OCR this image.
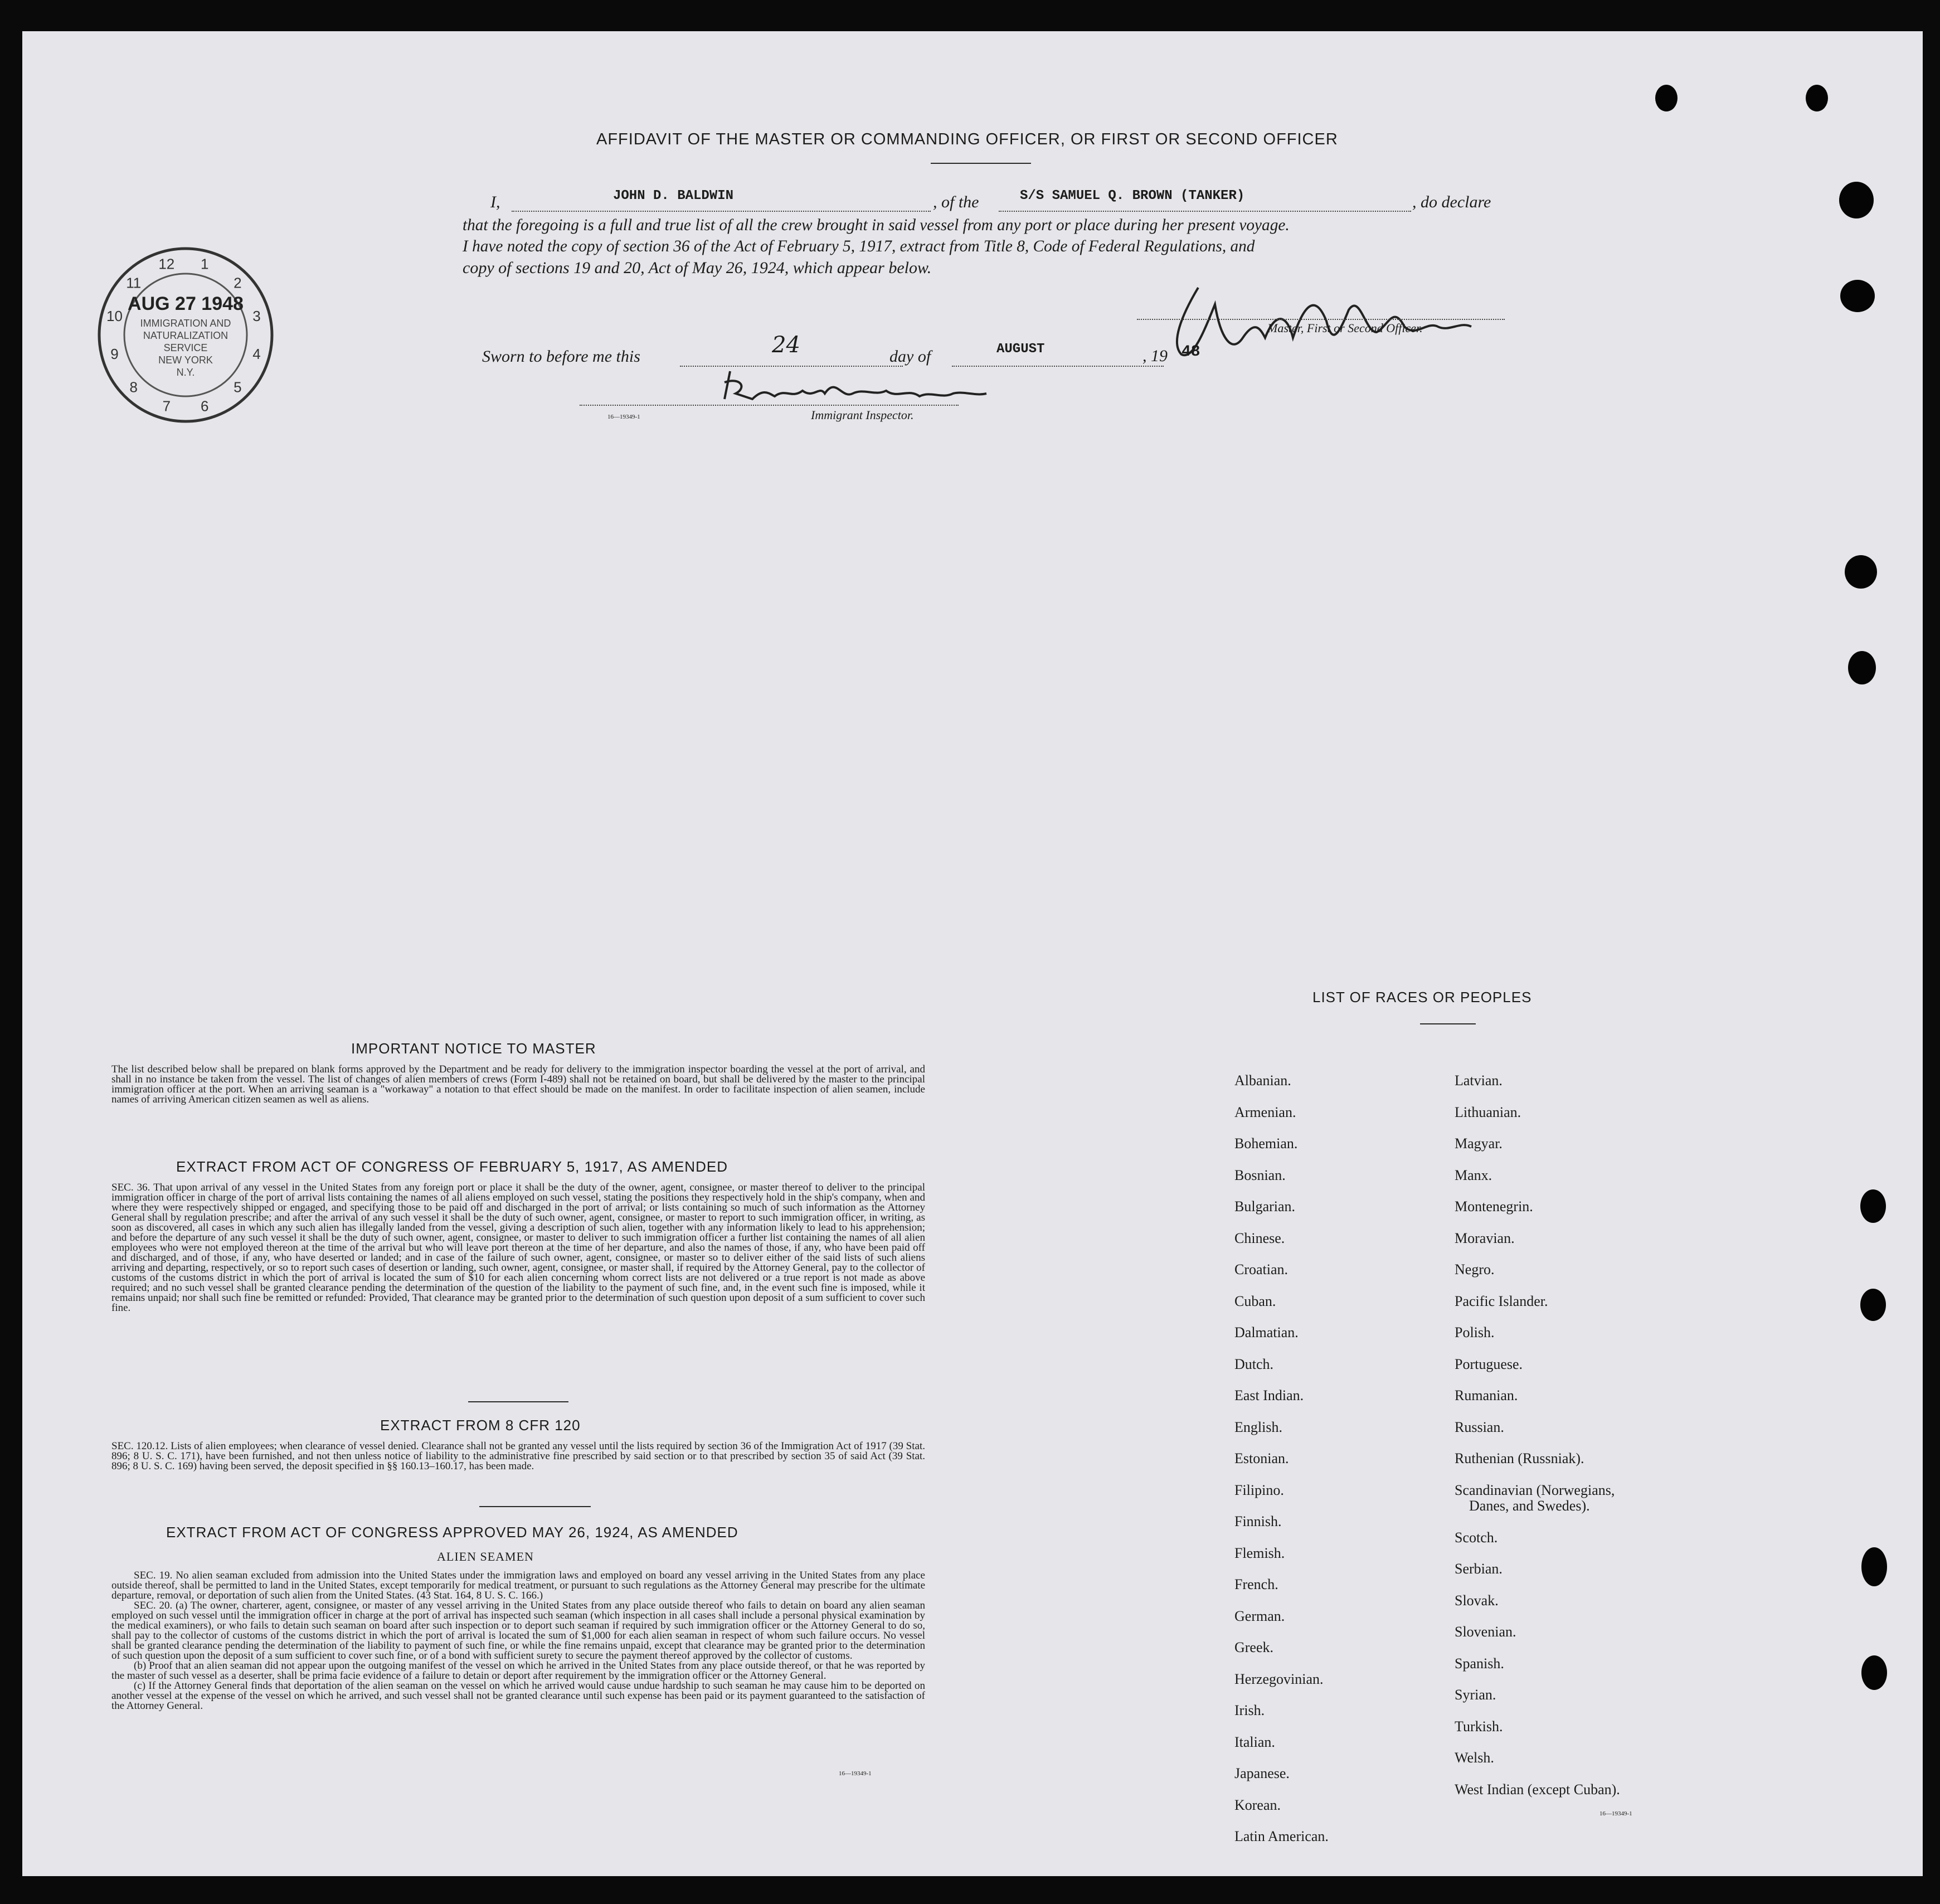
AFFIDAVIT OF THE MASTER OR COMMANDING OFFICER, OR FIRST OR SECOND OFFICER
I,	JOHN D. BALDWIN	, of the	S/S SAMUEL Q. BROWN (TANKER)	, do declare
that the foregoing is a full and true list of all the crew brought in said vessel from any port or place during her present voyage.
I have noted the copy of section 36 of the Act of February 5, 1917, extract from Title 8, Code of Federal Regulations, and
copy of sections 19 and 20, Act of May 26, 1924, which appear below.
Master, First or Second Officer.
Sworn to before me this	24	day of	AUGUST	, 19 48
Immigrant Inspector.
16—19349-1
1
2
3
4
5
6
7
8
9
10
11
12
AUG 27 1948
IMMIGRATION AND
NATURALIZATION
SERVICE
NEW YORK
N.Y.
IMPORTANT NOTICE TO MASTER
The list described below shall be prepared on blank forms approved by the Department and be ready for delivery to the immigration inspector boarding the vessel at the port of arrival, and shall in no instance be taken from the vessel. The list of changes of alien members of crews (Form I-489) shall not be retained on board, but shall be delivered by the master to the principal immigration officer at the port. When an arriving seaman is a "workaway" a notation to that effect should be made on the manifest. In order to facilitate inspection of alien seamen, include names of arriving American citizen seamen as well as aliens.
EXTRACT FROM ACT OF CONGRESS OF FEBRUARY 5, 1917, AS AMENDED
SEC. 36. That upon arrival of any vessel in the United States from any foreign port or place it shall be the duty of the owner, agent, consignee, or master thereof to deliver to the principal immigration officer in charge of the port of arrival lists containing the names of all aliens employed on such vessel, stating the positions they respectively hold in the ship's company, when and where they were respectively shipped or engaged, and specifying those to be paid off and discharged in the port of arrival; or lists containing so much of such information as the Attorney General shall by regulation prescribe; and after the arrival of any such vessel it shall be the duty of such owner, agent, consignee, or master to report to such immigration officer, in writing, as soon as discovered, all cases in which any such alien has illegally landed from the vessel, giving a description of such alien, together with any information likely to lead to his apprehension; and before the departure of any such vessel it shall be the duty of such owner, agent, consignee, or master to deliver to such immigration officer a further list containing the names of all alien employees who were not employed thereon at the time of the arrival but who will leave port thereon at the time of her departure, and also the names of those, if any, who have been paid off and discharged, and of those, if any, who have deserted or landed; and in case of the failure of such owner, agent, consignee, or master so to deliver either of the said lists of such aliens arriving and departing, respectively, or so to report such cases of desertion or landing, such owner, agent, consignee, or master shall, if required by the Attorney General, pay to the collector of customs of the customs district in which the port of arrival is located the sum of $10 for each alien concerning whom correct lists are not delivered or a true report is not made as above required; and no such vessel shall be granted clearance pending the determination of the question of the liability to the payment of such fine, and, in the event such fine is imposed, while it remains unpaid; nor shall such fine be remitted or refunded: Provided, That clearance may be granted prior to the determination of such question upon deposit of a sum sufficient to cover such fine.
EXTRACT FROM 8 CFR 120
SEC. 120.12. Lists of alien employees; when clearance of vessel denied. Clearance shall not be granted any vessel until the lists required by section 36 of the Immigration Act of 1917 (39 Stat. 896; 8 U. S. C. 171), have been furnished, and not then unless notice of liability to the administrative fine prescribed by said section or to that prescribed by section 35 of said Act (39 Stat. 896; 8 U. S. C. 169) having been served, the deposit specified in §§ 160.13–160.17, has been made.
EXTRACT FROM ACT OF CONGRESS APPROVED MAY 26, 1924, AS AMENDED
ALIEN SEAMEN
SEC. 19. No alien seaman excluded from admission into the United States under the immigration laws and employed on board any vessel arriving in the United States from any place outside thereof, shall be permitted to land in the United States, except temporarily for medical treatment, or pursuant to such regulations as the Attorney General may prescribe for the ultimate departure, removal, or deportation of such alien from the United States. (43 Stat. 164, 8 U. S. C. 166.)
SEC. 20. (a) The owner, charterer, agent, consignee, or master of any vessel arriving in the United States from any place outside thereof who fails to detain on board any alien seaman employed on such vessel until the immigration officer in charge at the port of arrival has inspected such seaman (which inspection in all cases shall include a personal physical examination by the medical examiners), or who fails to detain such seaman on board after such inspection or to deport such seaman if required by such immigration officer or the Attorney General to do so, shall pay to the collector of customs of the customs district in which the port of arrival is located the sum of $1,000 for each alien seaman in respect of whom such failure occurs. No vessel shall be granted clearance pending the determination of the liability to payment of such fine, or while the fine remains unpaid, except that clearance may be granted prior to the determination of such question upon the deposit of a sum sufficient to cover such fine, or of a bond with sufficient surety to secure the payment thereof approved by the collector of customs.
(b) Proof that an alien seaman did not appear upon the outgoing manifest of the vessel on which he arrived in the United States from any place outside thereof, or that he was reported by the master of such vessel as a deserter, shall be prima facie evidence of a failure to detain or deport after requirement by the immigration officer or the Attorney General.
(c) If the Attorney General finds that deportation of the alien seaman on the vessel on which he arrived would cause undue hardship to such seaman he may cause him to be deported on another vessel at the expense of the vessel on which he arrived, and such vessel shall not be granted clearance until such expense has been paid or its payment guaranteed to the satisfaction of the Attorney General.
16—19349-1
LIST OF RACES OR PEOPLES
Albanian.
Armenian.
Bohemian.
Bosnian.
Bulgarian.
Chinese.
Croatian.
Cuban.
Dalmatian.
Dutch.
East Indian.
English.
Estonian.
Filipino.
Finnish.
Flemish.
French.
German.
Greek.
Herzegovinian.
Irish.
Italian.
Japanese.
Korean.
Latin American.
Latvian.
Lithuanian.
Magyar.
Manx.
Montenegrin.
Moravian.
Negro.
Pacific Islander.
Polish.
Portuguese.
Rumanian.
Russian.
Ruthenian (Russniak).
Scandinavian (Norwegians,
Danes, and Swedes).
Scotch.
Serbian.
Slovak.
Slovenian.
Spanish.
Syrian.
Turkish.
Welsh.
West Indian (except Cuban).
16—19349-1
